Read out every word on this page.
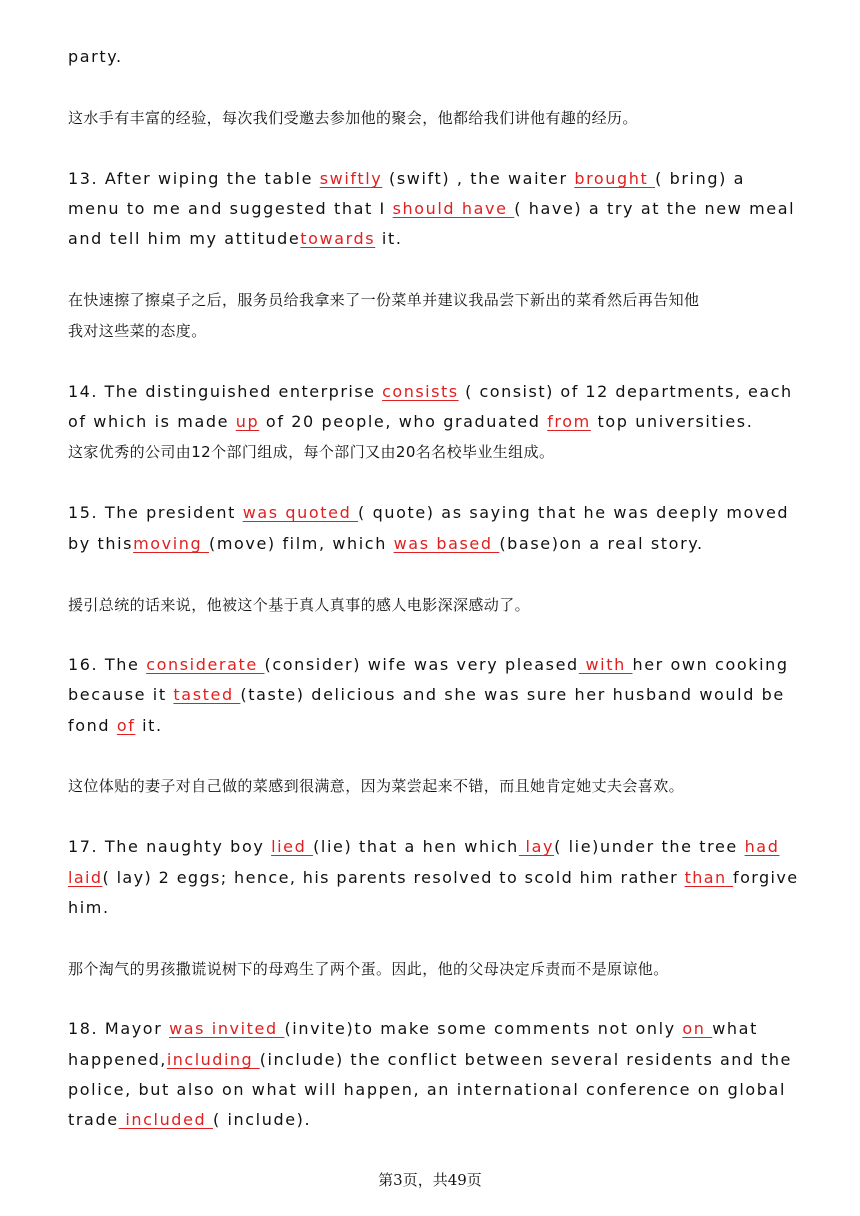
party.
这水手有丰富的经验，每次我们受邀去参加他的聚会，他都给我们讲他有趣的经历。
13. After wiping the table swiftly (swift) , the waiter brought ( bring) a
menu to me and suggested that I should have ( have) a try at the new meal
and tell him my attitudetowards it.
在快速擦了擦桌子之后，服务员给我拿来了一份菜单并建议我品尝下新出的菜肴然后再告知他
我对这些菜的态度。
14. The distinguished enterprise consists ( consist) of 12 departments, each
of which is made up of 20 people, who graduated from top universities.
这家优秀的公司由12个部门组成，每个部门又由20名名校毕业生组成。
15. The president was quoted ( quote) as saying that he was deeply moved
by thismoving (move) film, which was based (base)on a real story.
援引总统的话来说，他被这个基于真人真事的感人电影深深感动了。
16. The considerate (consider) wife was very pleased with her own cooking
because it tasted (taste) delicious and she was sure her husband would be
fond of it.
这位体贴的妻子对自己做的菜感到很满意，因为菜尝起来不错，而且她肯定她丈夫会喜欢。
17. The naughty boy lied (lie) that a hen which lay( lie)under the tree had
laid( lay) 2 eggs; hence, his parents resolved to scold him rather than forgive
him.
那个淘气的男孩撒谎说树下的母鸡生了两个蛋。因此，他的父母决定斥责而不是原谅他。
18. Mayor was invited (invite)to make some comments not only on what
happened,including (include) the conflict between several residents and the
police, but also on what will happen, an international conference on global
trade included ( include).
第3页，共49页
